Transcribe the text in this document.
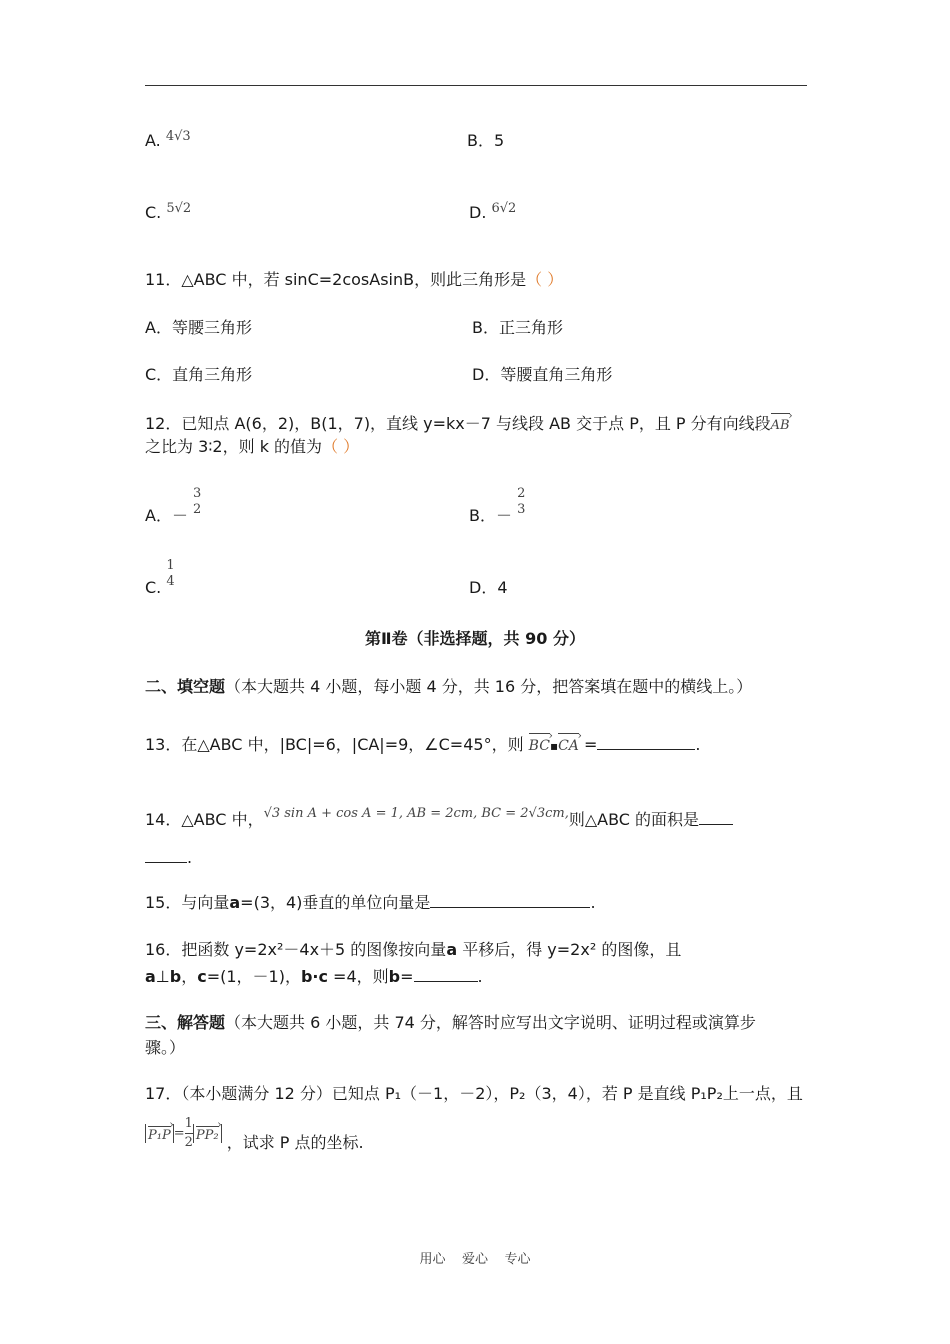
A. $^{4√3}$	B．5
C. $^{5√2}$	D. $^{6√2}$
11．△ABC 中，若 sinC=2cosAsinB，则此三角形是（ ）
A．等腰三角形	B．正三角形
C．直角三角形	D．等腰直角三角形
12．已知点 A(6，2)，B(1，7)，直线 y=kx－7 与线段 AB 交于点 P，且 P 分有向线段AB ›
之比为 3∶2，则 k 的值为（ ）
A．－
3
2	B．－
2
3
C.
1
4	D．4
第Ⅱ卷（非选择题，共 90 分）
二、填空题（本大题共 4 小题，每小题 4 分，共 16 分，把答案填在题中的横线上。）
13．在△ABC 中，|BC|=6，|CA|=9，∠C=45°，则 BC ›▪CA › =	.
14．△ABC 中，$^{√3 sin A + cos A = 1, AB = 2cm, BC = 2√3cm,}$则△ABC 的面积是
.
15．与向量a=(3，4)垂直的单位向量是	.
16．把函数 y=2x²－4x＋5 的图像按向量a 平移后，得 y=2x² 的图像，且
a⊥b，c=(1，－1)，b·c =4，则b=	.
三、解答题（本大题共 6 小题，共 74 分，解答时应写出文字说明、证明过程或演算步
骤。）
17．（本小题满分 12 分）已知点 P₁（－1，－2），P₂（3，4），若 P 是直线 P₁P₂上一点，且
P₁P › = $\frac{1}{2} PP_2$ › ，试求 P 点的坐标.
用心    爱心    专心
